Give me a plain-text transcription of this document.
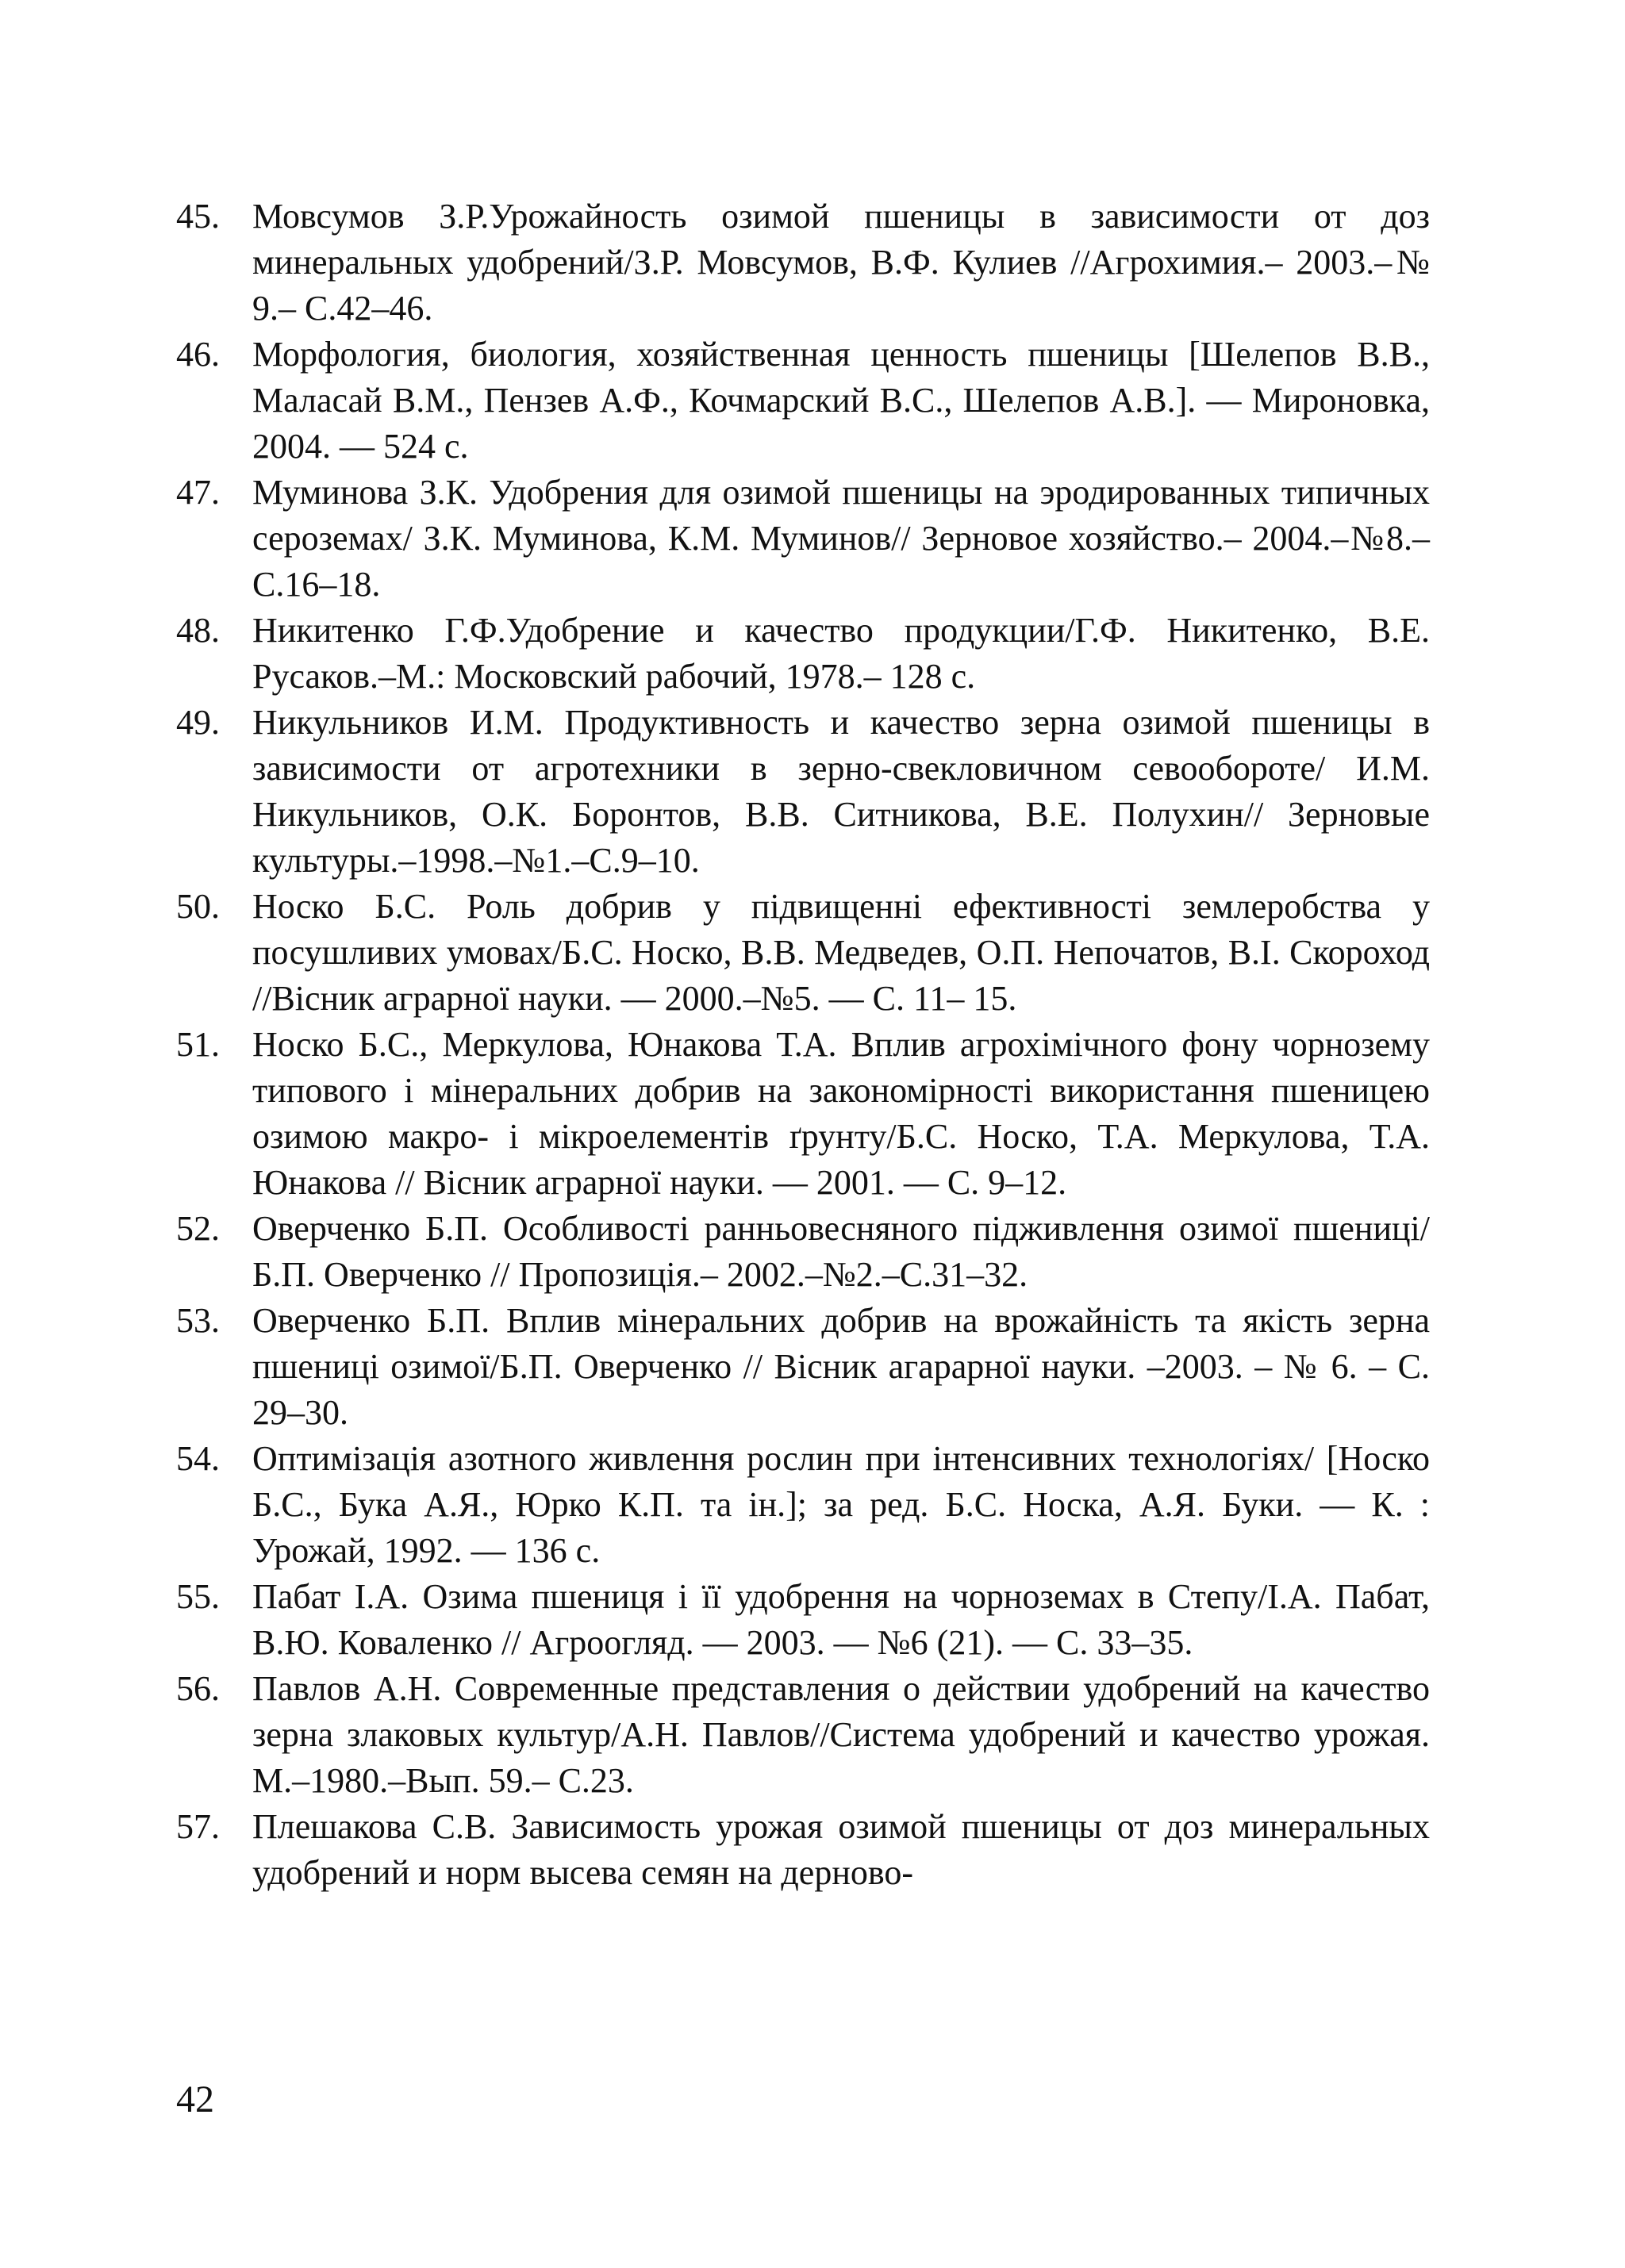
45. Мовсумов З.Р.Урожайность озимой пшеницы в зависимости от доз минеральных удобрений/З.Р. Мовсумов, В.Ф. Кулиев //Агрохимия.– 2003.–№ 9.– С.42–46.
46. Морфология, биология, хозяйственная ценность пшеницы [Шелепов В.В., Маласай В.М., Пензев А.Ф., Кочмарский В.С., Шелепов А.В.]. — Мироновка, 2004. — 524 с.
47. Муминова З.К. Удобрения для озимой пшеницы на эродированных типичных сероземах/ З.К. Муминова, К.М. Муминов// Зерновое хозяйство.– 2004.–№8.–С.16–18.
48. Никитенко Г.Ф.Удобрение и качество продукции/Г.Ф. Никитенко, В.Е. Русаков.–М.: Московский рабочий, 1978.– 128 с.
49. Никульников И.М. Продуктивность и качество зерна озимой пшеницы в зависимости от агротехники в зерно-свекловичном севообороте/ И.М. Никульников, О.К. Боронтов, В.В. Ситникова, В.Е. Полухин// Зерновые культуры.–1998.–№1.–С.9–10.
50. Носко Б.С. Роль добрив у підвищенні ефективності землеробства у посушливих умовах/Б.С. Носко, В.В. Медведев, О.П. Непочатов, В.І. Скороход //Вісник аграрної науки. — 2000.–№5. — С. 11– 15.
51. Носко Б.С., Меркулова, Юнакова Т.А. Вплив агрохімічного фону чорнозему типового і мінеральних добрив на закономірності використання пшеницею озимою макро- і мікроелементів ґрунту/Б.С. Носко, Т.А. Меркулова, Т.А. Юнакова // Вісник аграрної науки. — 2001. — С. 9–12.
52. Оверченко Б.П. Особливості ранньовесняного підживлення озимої пшениці/ Б.П. Оверченко // Пропозиція.– 2002.–№2.–С.31–32.
53. Оверченко Б.П. Вплив мінеральних добрив на врожайність та якість зерна пшениці озимої/Б.П. Оверченко // Вісник агарарної науки. –2003. – № 6. – С. 29–30.
54. Оптимізація азотного живлення рослин при інтенсивних технологіях/ [Носко Б.С., Бука А.Я., Юрко К.П. та ін.]; за ред. Б.С. Носка, А.Я. Буки. — К. : Урожай, 1992. — 136 с.
55. Пабат І.А. Озима пшениця і її удобрення на чорноземах в Степу/І.А. Пабат, В.Ю. Коваленко // Агроогляд. — 2003. — №6 (21). — С. 33–35.
56. Павлов А.Н. Современные представления о действии удобрений на качество зерна злаковых культур/А.Н. Павлов//Система удобрений и качество урожая. М.–1980.–Вып. 59.– С.23.
57. Плешакова С.В. Зависимость урожая озимой пшеницы от доз минеральных удобрений и норм высева семян на дерново-
42
